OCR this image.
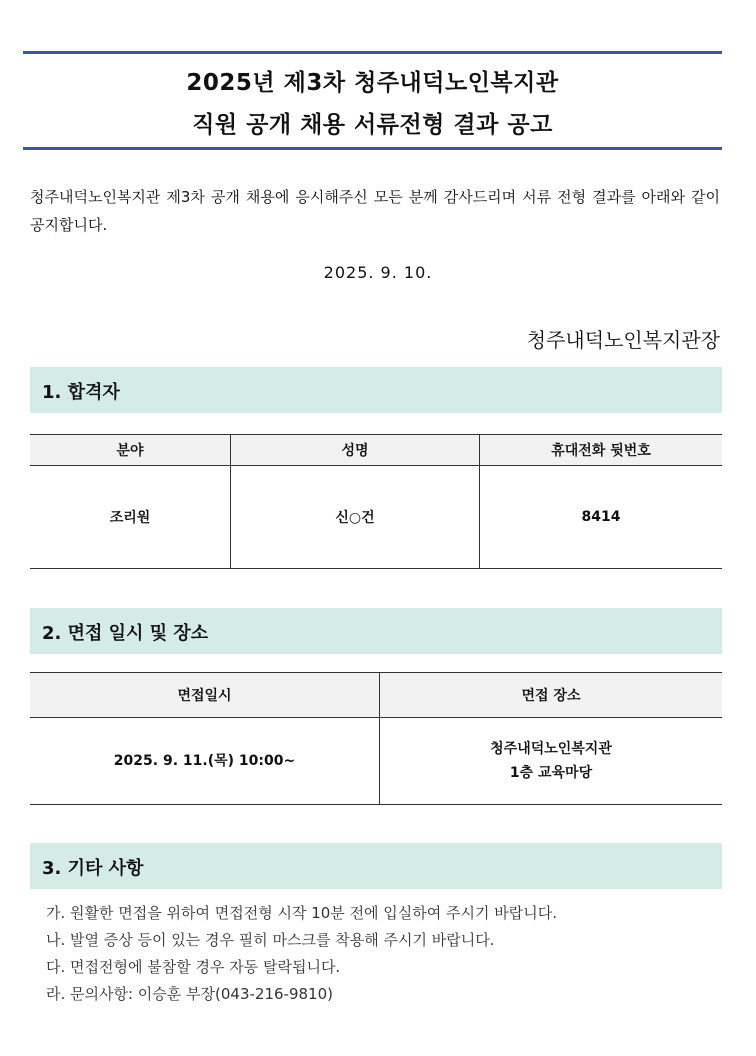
2025년 제3차 청주내덕노인복지관
직원 공개 채용 서류전형 결과 공고
청주내덕노인복지관 제3차 공개 채용에 응시해주신 모든 분께 감사드리며 서류 전형 결과를 아래와 같이 공지합니다.
2025. 9. 10.
청주내덕노인복지관장
1. 합격자
분야	성명	휴대전화 뒷번호
조리원	신○건	8414
2. 면접 일시 및 장소
면접일시	면접 장소
2025. 9. 11.(목) 10:00~	청주내덕노인복지관
1층 교육마당
3. 기타 사항
가. 원활한 면접을 위하여 면접전형 시작 10분 전에 입실하여 주시기 바랍니다.
나. 발열 증상 등이 있는 경우 필히 마스크를 착용해 주시기 바랍니다.
다. 면접전형에 불참할 경우 자동 탈락됩니다.
라. 문의사항: 이승훈 부장(043-216-9810)
